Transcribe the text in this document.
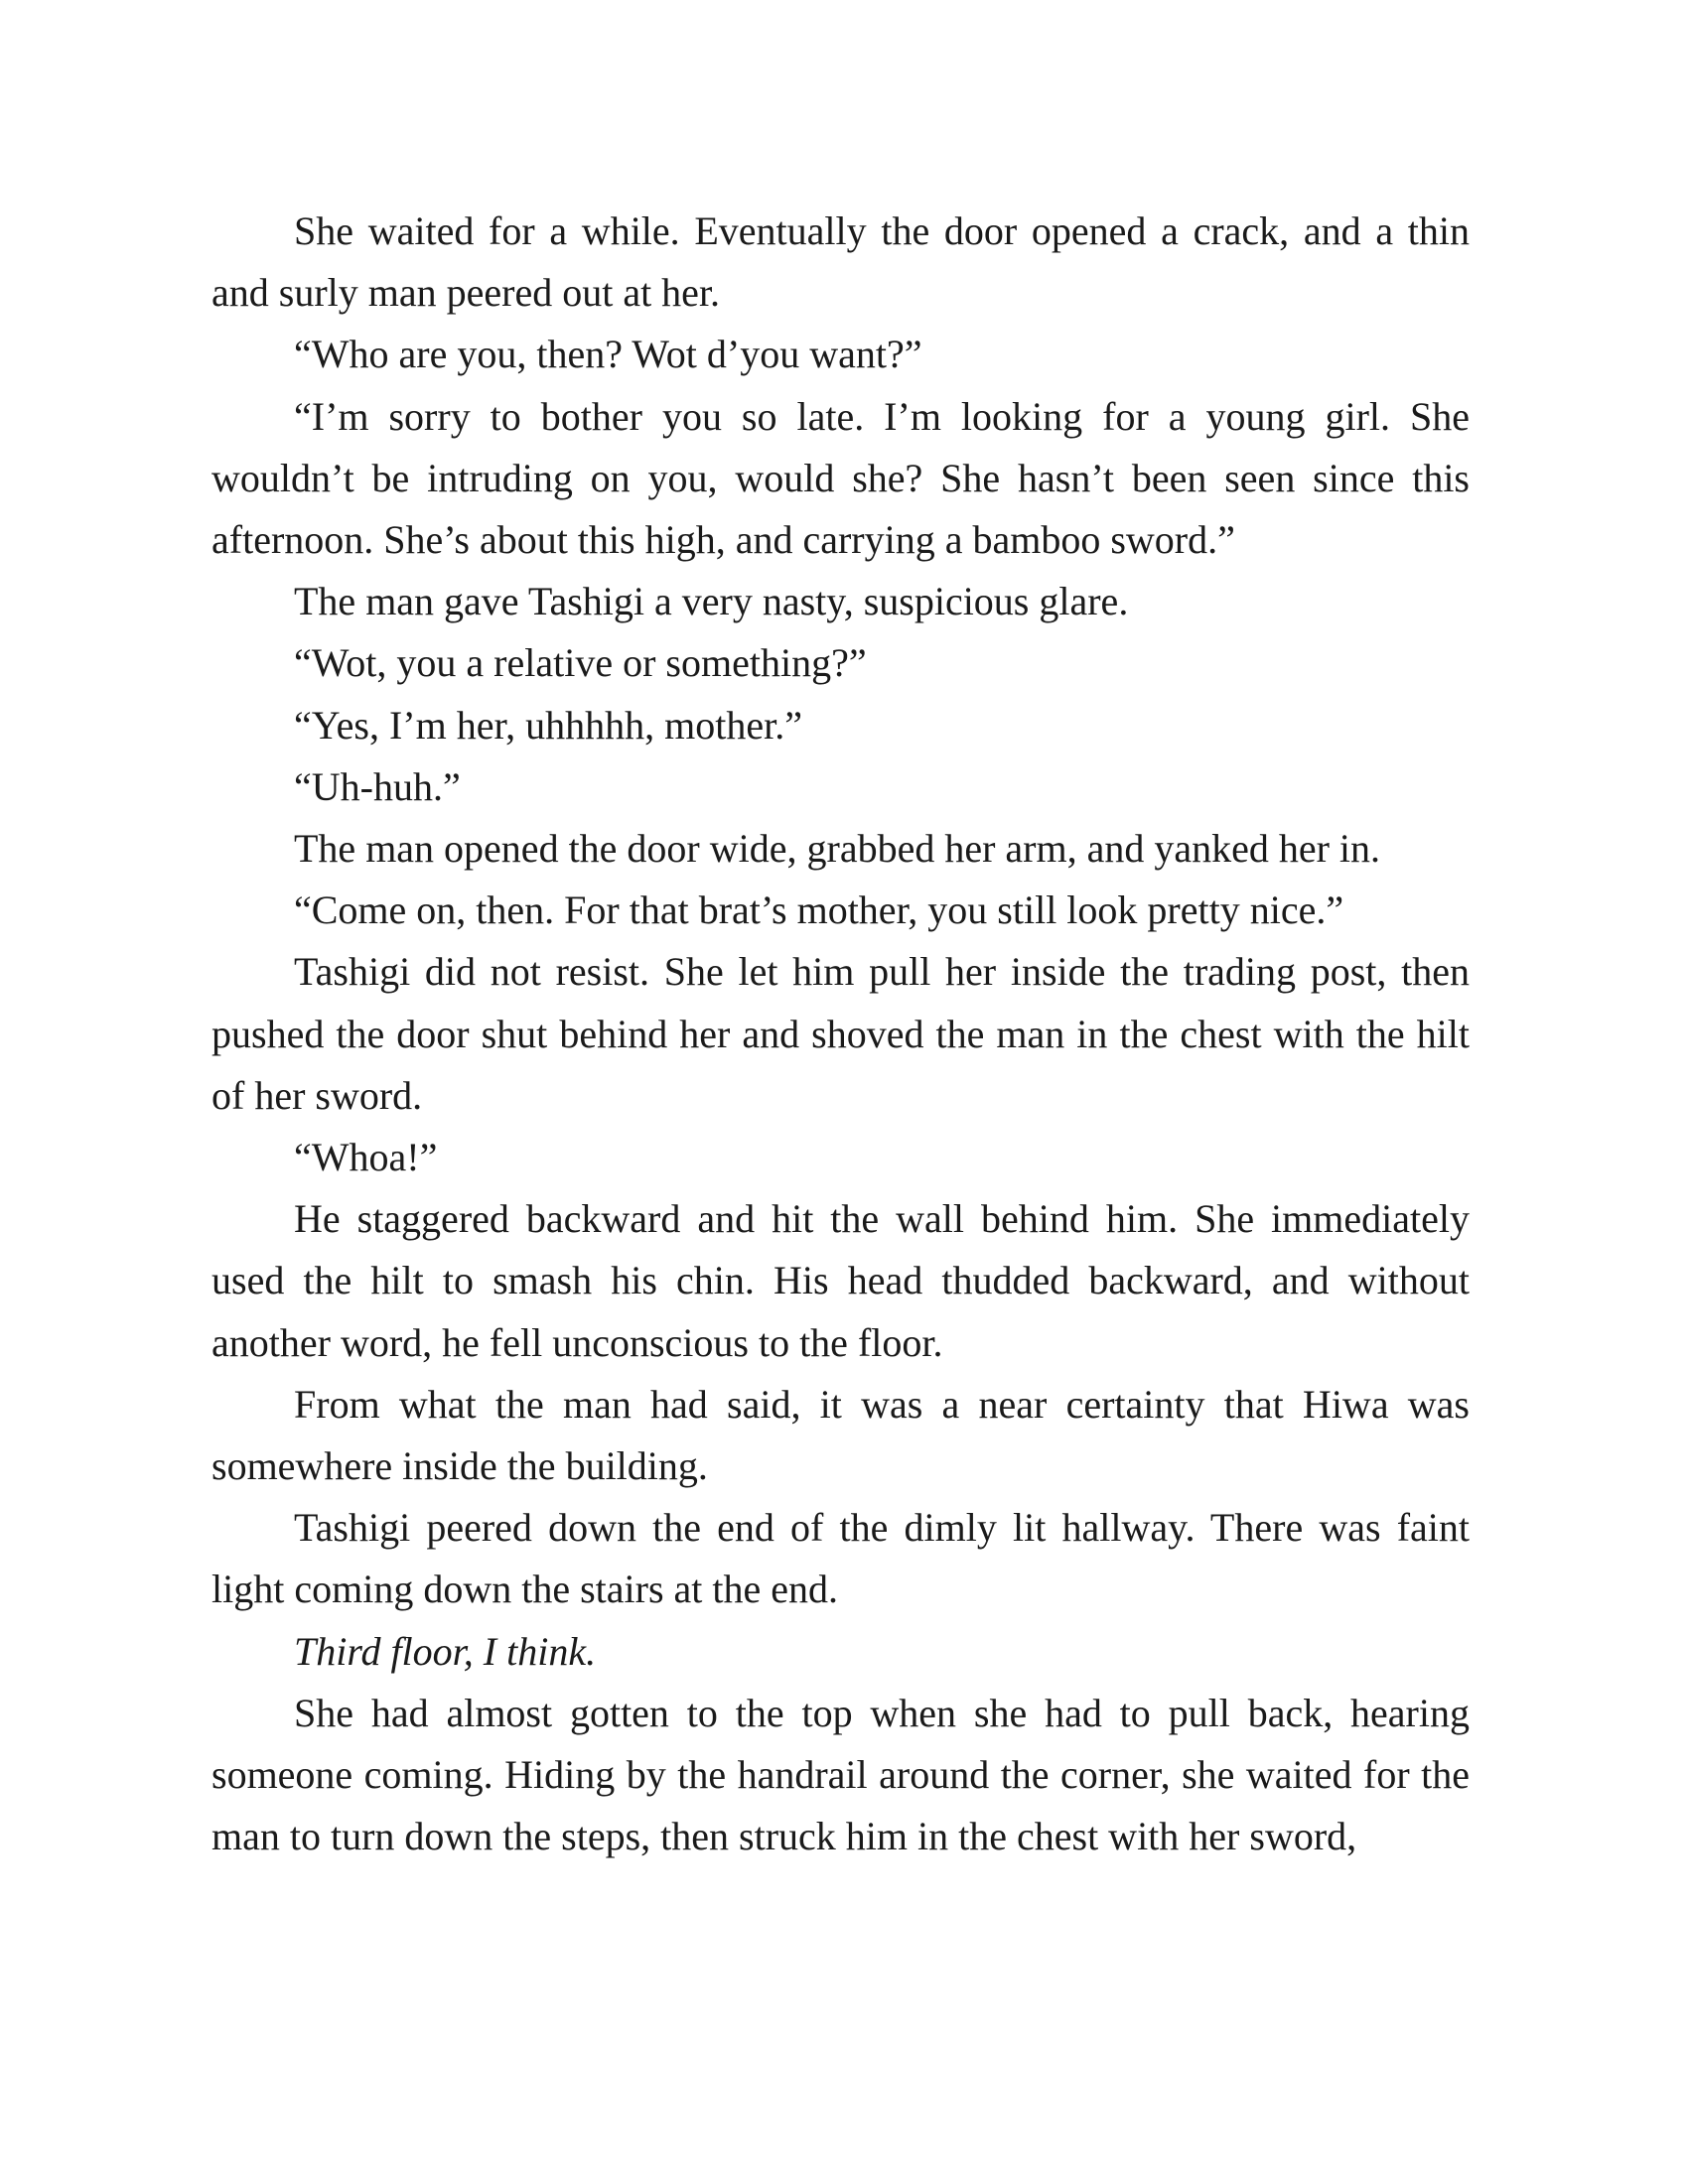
She waited for a while. Eventually the door opened a crack, and a thin and surly man peered out at her.

“Who are you, then? Wot d’you want?”

“I’m sorry to bother you so late. I’m looking for a young girl. She wouldn’t be intruding on you, would she? She hasn’t been seen since this afternoon. She’s about this high, and carrying a bamboo sword.”

The man gave Tashigi a very nasty, suspicious glare.

“Wot, you a relative or something?”

“Yes, I’m her, uhhhhh, mother.”

“Uh-huh.”

The man opened the door wide, grabbed her arm, and yanked her in.

“Come on, then. For that brat’s mother, you still look pretty nice.”

Tashigi did not resist. She let him pull her inside the trading post, then pushed the door shut behind her and shoved the man in the chest with the hilt of her sword.

“Whoa!”

He staggered backward and hit the wall behind him. She immediately used the hilt to smash his chin. His head thudded backward, and without another word, he fell unconscious to the floor.

From what the man had said, it was a near certainty that Hiwa was somewhere inside the building.

Tashigi peered down the end of the dimly lit hallway. There was faint light coming down the stairs at the end.

Third floor, I think.

She had almost gotten to the top when she had to pull back, hearing someone coming. Hiding by the handrail around the corner, she waited for the man to turn down the steps, then struck him in the chest with her sword,
